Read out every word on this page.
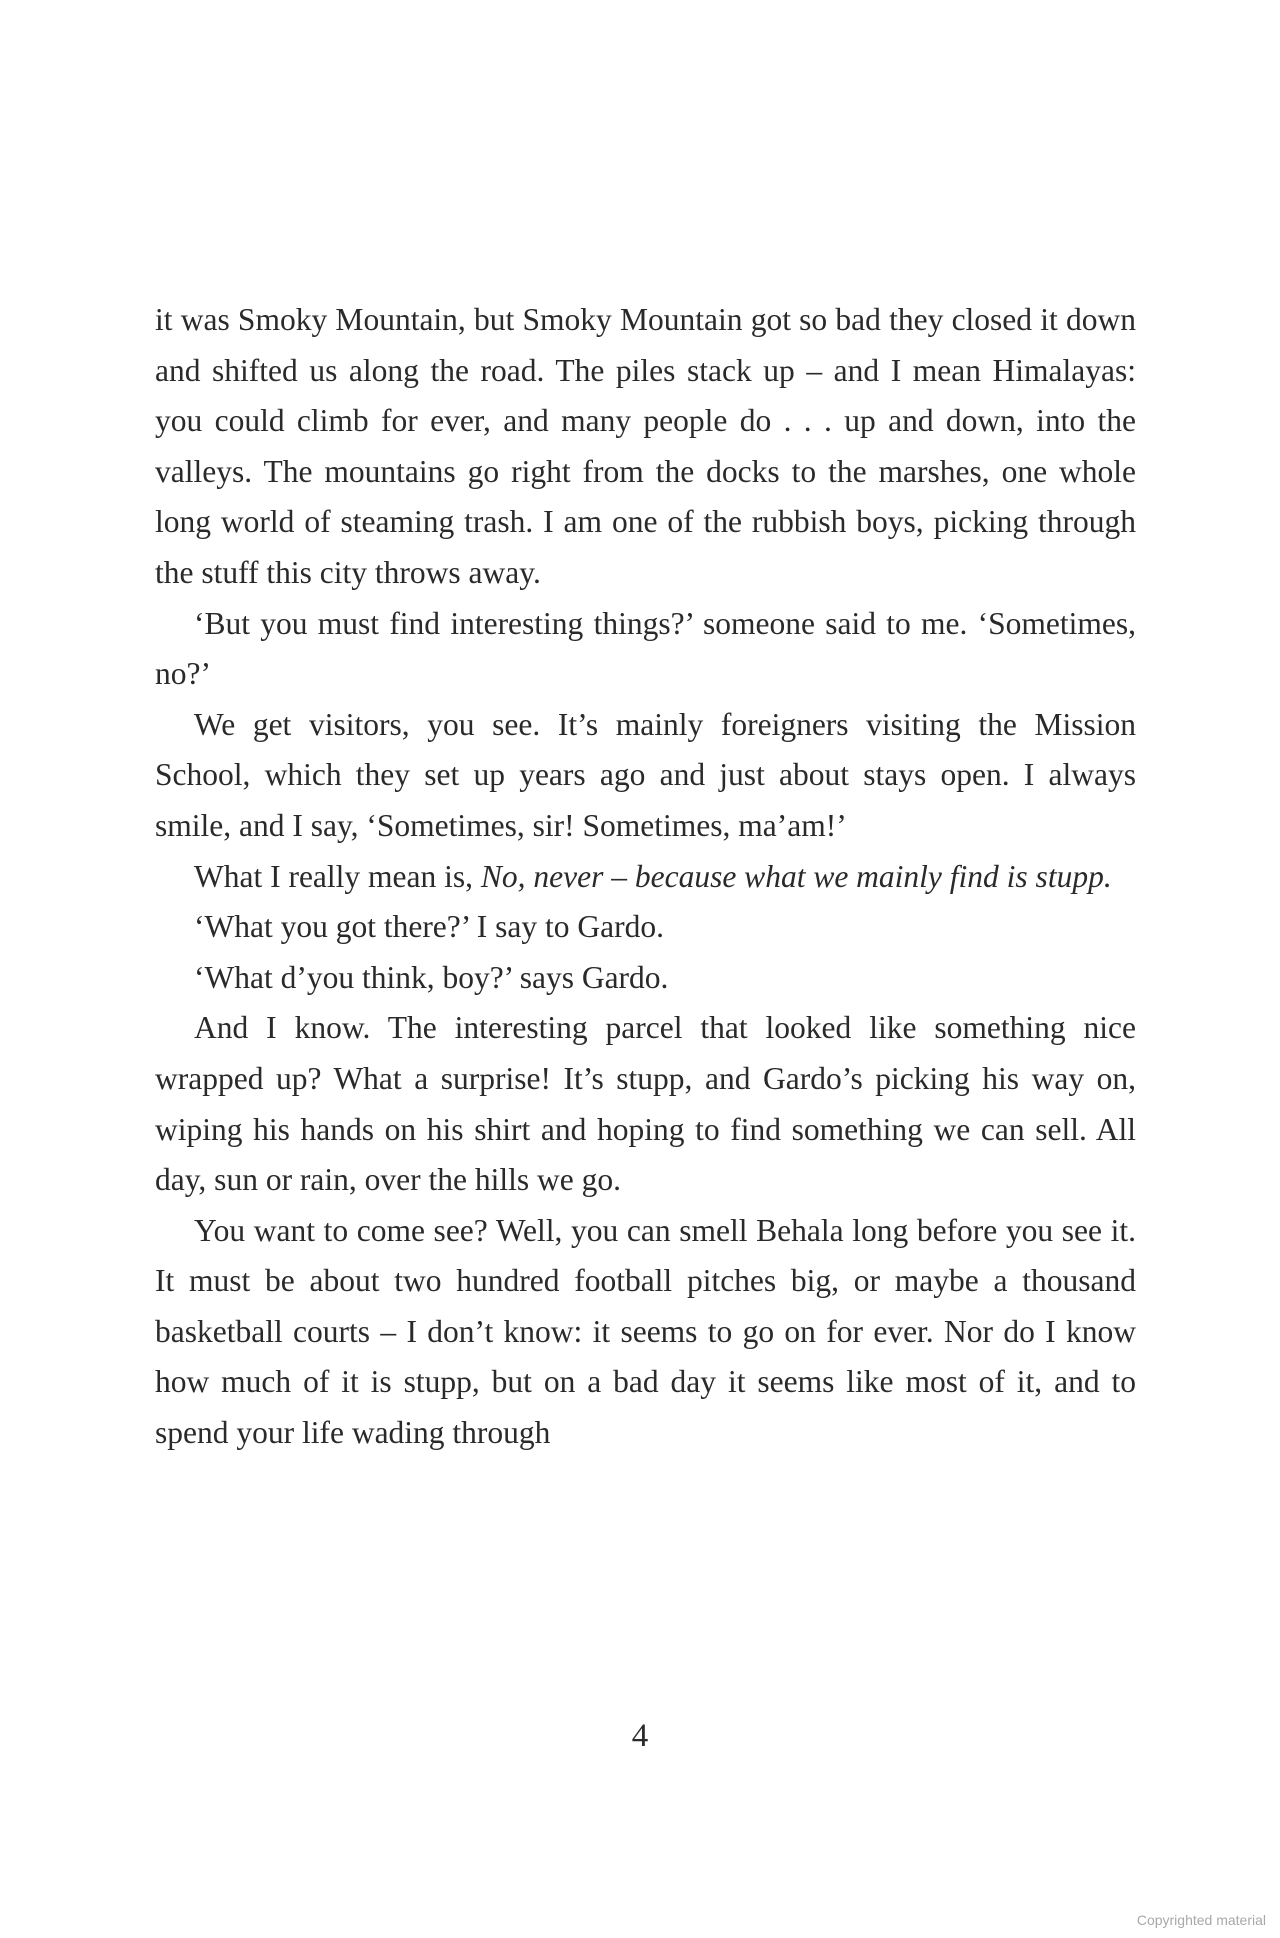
it was Smoky Mountain, but Smoky Mountain got so bad they closed it down and shifted us along the road. The piles stack up – and I mean Himalayas: you could climb for ever, and many people do . . . up and down, into the valleys. The mountains go right from the docks to the marshes, one whole long world of steaming trash. I am one of the rubbish boys, picking through the stuff this city throws away.

‘But you must find interesting things?’ someone said to me. ‘Sometimes, no?’

We get visitors, you see. It’s mainly foreigners visiting the Mission School, which they set up years ago and just about stays open. I always smile, and I say, ‘Sometimes, sir! Sometimes, ma’am!’

What I really mean is, No, never – because what we mainly find is stupp.

‘What you got there?’ I say to Gardo.

‘What d’you think, boy?’ says Gardo.

And I know. The interesting parcel that looked like something nice wrapped up? What a surprise! It’s stupp, and Gardo’s picking his way on, wiping his hands on his shirt and hoping to find something we can sell. All day, sun or rain, over the hills we go.

You want to come see? Well, you can smell Behala long before you see it. It must be about two hundred football pitches big, or maybe a thousand basketball courts – I don’t know: it seems to go on for ever. Nor do I know how much of it is stupp, but on a bad day it seems like most of it, and to spend your life wading through

4
Copyrighted material
